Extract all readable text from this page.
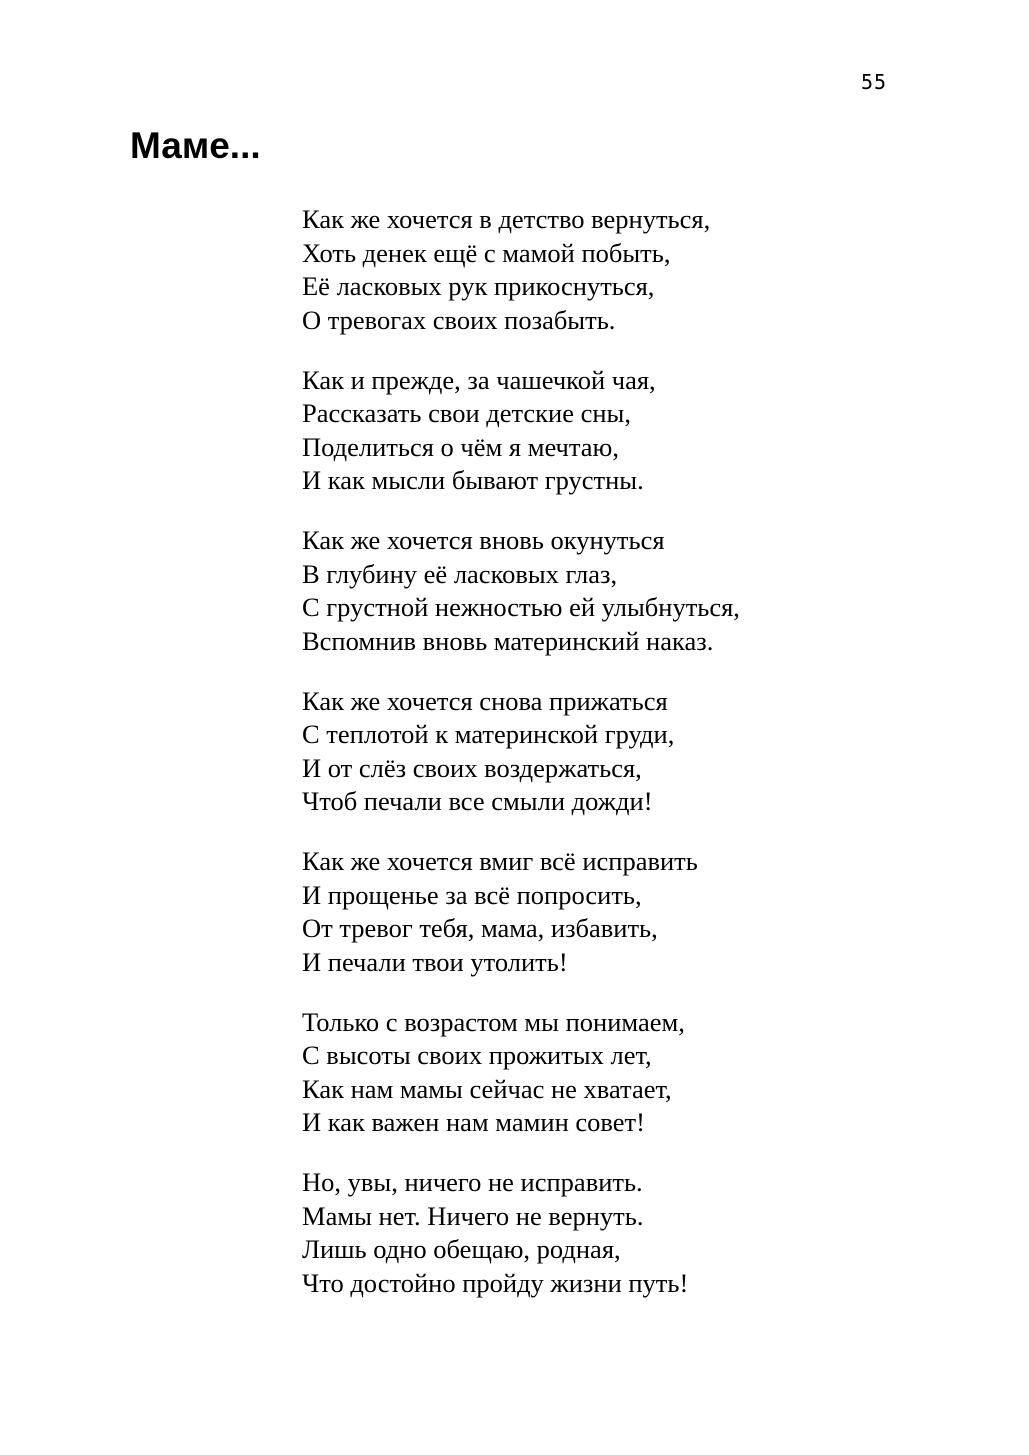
55
Маме...
Как же хочется в детство вернуться,
Хоть денек ещё с мамой побыть,
Её ласковых рук прикоснуться,
О тревогах своих позабыть.
Как и прежде, за чашечкой чая,
Рассказать свои детские сны,
Поделиться о чём я мечтаю,
И как мысли бывают грустны.
Как же хочется вновь окунуться
В глубину её ласковых глаз,
С грустной нежностью ей улыбнуться,
Вспомнив вновь материнский наказ.
Как же хочется снова прижаться
С теплотой к материнской груди,
И от слёз своих воздержаться,
Чтоб печали все смыли дожди!
Как же хочется вмиг всё исправить
И прощенье за всё попросить,
От тревог тебя, мама, избавить,
И печали твои утолить!
Только с возрастом мы понимаем,
С высоты своих прожитых лет,
Как нам мамы сейчас не хватает,
И как важен нам мамин совет!
Но, увы, ничего не исправить.
Мамы нет. Ничего не вернуть.
Лишь одно обещаю, родная,
Что достойно пройду жизни путь!
